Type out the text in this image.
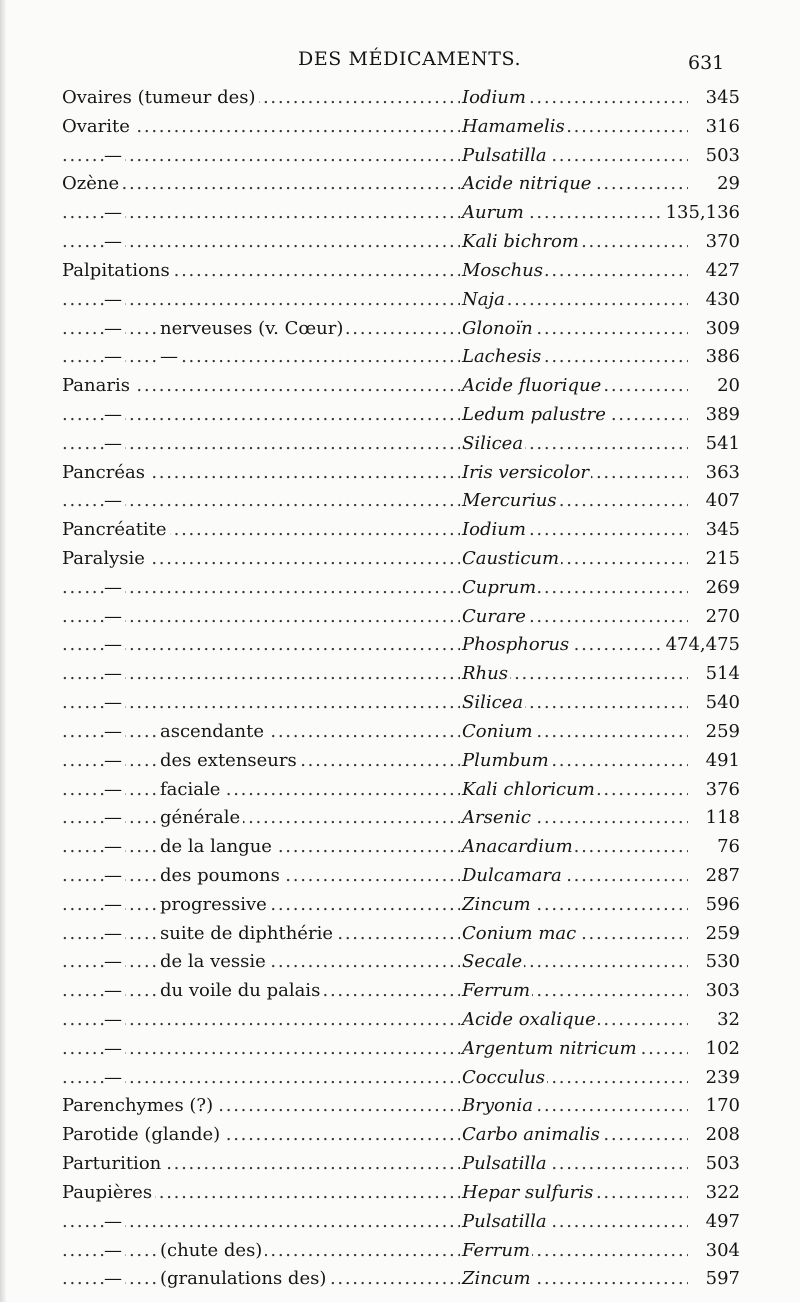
DES MÉDICAMENTS.	631
. . .
. . .
Ovaires (tumeur des)	Iodium	345
. . .
. . .
Ovarite	Hamamelis	316
. . .
. . .
—	Pulsatilla	503
. . .
. . .
Ozène	Acide nitrique	29
. . .
. . .
—	Aurum	135,136
. . .
. . .
—	Kali bichrom	370
. . .
. . .
Palpitations	Moschus	427
. . .
. . .
—	Naja	430
. . .
. . .
— nerveuses (v. Cœur)	Glonoïn	309
. . .
. . .
— —	Lachesis	386
. . .
. . .
Panaris	Acide fluorique	20
. . .
. . .
—	Ledum palustre	389
. . .
. . .
—	Silicea	541
. . .
. . .
Pancréas	Iris versicolor	363
. . .
. . .
—	Mercurius	407
. . .
. . .
Pancréatite	Iodium	345
. . .
. . .
Paralysie	Causticum	215
. . .
. . .
—	Cuprum	269
. . .
. . .
—	Curare	270
. . .
. . .
—	Phosphorus	474,475
. . .
. . .
—	Rhus	514
. . .
. . .
—	Silicea	540
. . .
. . .
— ascendante	Conium	259
. . .
. . .
— des extenseurs	Plumbum	491
. . .
. . .
— faciale	Kali chloricum	376
. . .
. . .
— générale	Arsenic	118
. . .
. . .
— de la langue	Anacardium	76
. . .
. . .
— des poumons	Dulcamara	287
. . .
. . .
— progressive	Zincum	596
. . .
. . .
— suite de diphthérie	Conium mac	259
. . .
. . .
— de la vessie	Secale	530
. . .
. . .
— du voile du palais	Ferrum	303
. . .
. . .
—	Acide oxalique	32
. . .
. . .
—	Argentum nitricum	102
. . .
. . .
—	Cocculus	239
. . .
. . .
Parenchymes (?)	Bryonia	170
. . .
. . .
Parotide (glande)	Carbo animalis	208
. . .
. . .
Parturition	Pulsatilla	503
. . .
. . .
Paupières	Hepar sulfuris	322
. . .
. . .
—	Pulsatilla	497
. . .
. . .
— (chute des)	Ferrum	304
. . .
. . .
— (granulations des)	Zincum	597
